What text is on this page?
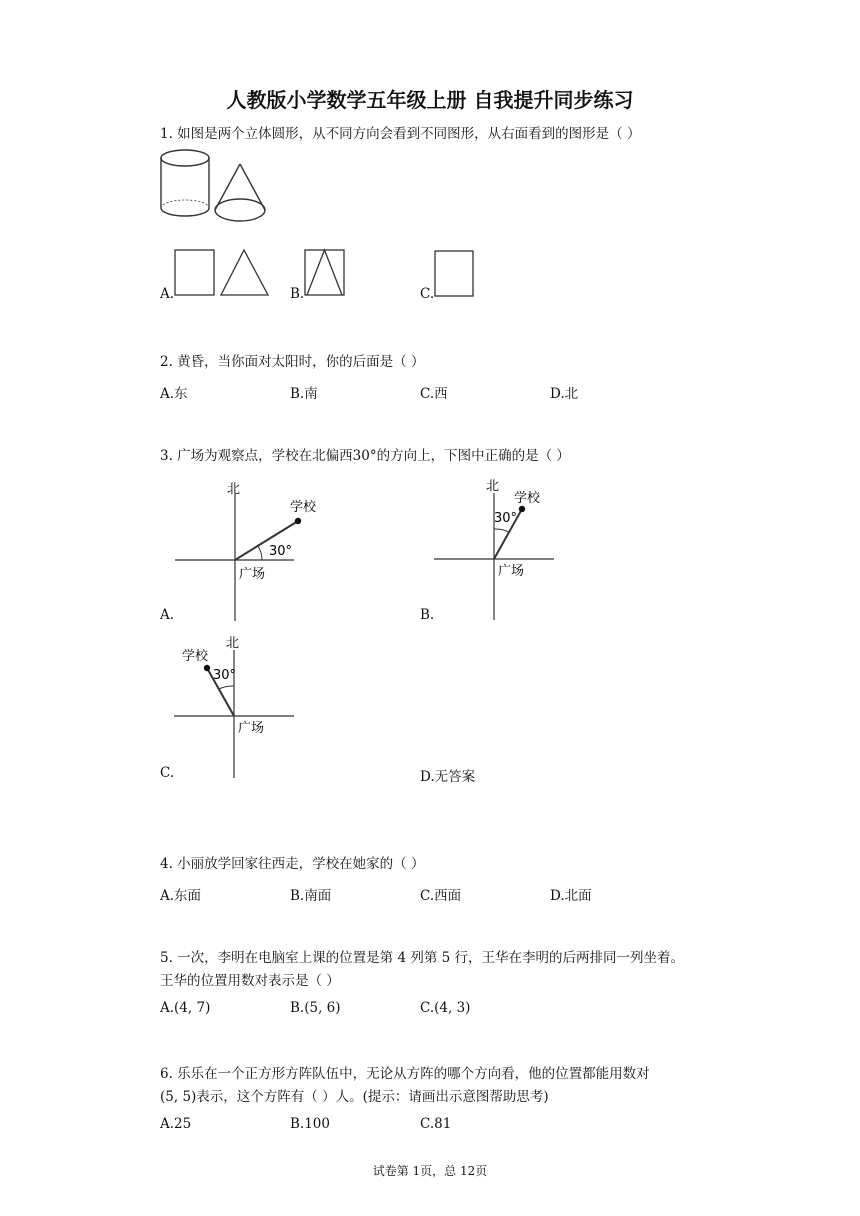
人教版小学数学五年级上册 自我提升同步练习
1. 如图是两个立体圆形，从不同方向会看到不同图形，从右面看到的图形是（ ）
A.	B.	C.
2. 黄昏，当你面对太阳时，你的后面是（ ）
A.东	B.南	C.西	D.北
3. 广场为观察点，学校在北偏西30°的方向上，下图中正确的是（ ）
北
学校
30°
广场
A.
北
学校
30°
广场
B.
北
学校
30°
广场
C.	D.无答案
4. 小丽放学回家往西走，学校在她家的（ ）
A.东面	B.南面	C.西面	D.北面
5. 一次，李明在电脑室上课的位置是第 4 列第 5 行，王华在李明的后两排同一列坐着。
王华的位置用数对表示是（ ）
A.(4, 7)	B.(5, 6)	C.(4, 3)
6. 乐乐在一个正方形方阵队伍中，无论从方阵的哪个方向看，他的位置都能用数对
(5, 5)表示，这个方阵有（ ）人。(提示：请画出示意图帮助思考)
A.25	B.100	C.81
试卷第 1页，总 12页
